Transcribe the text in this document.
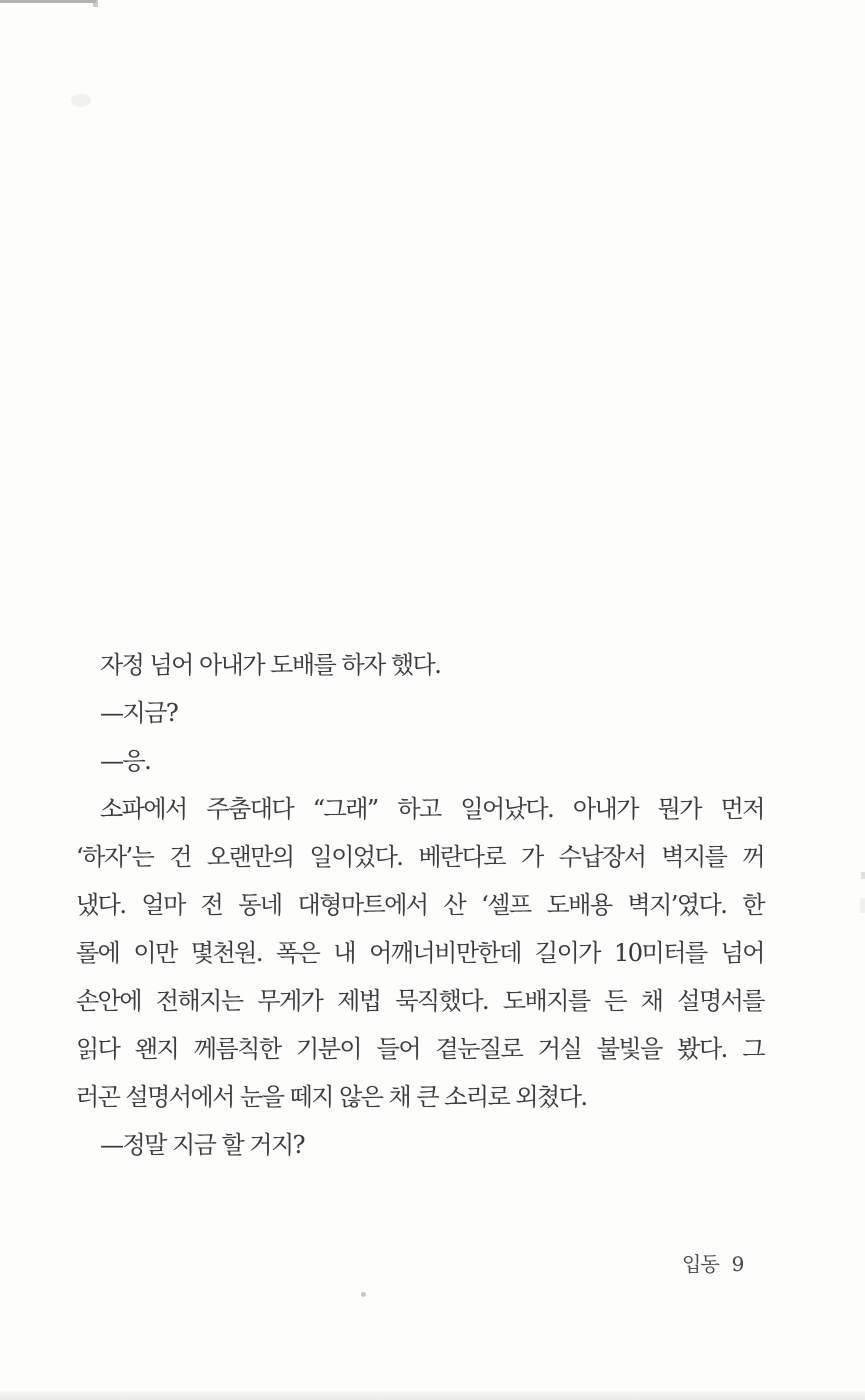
자정 넘어 아내가 도배를 하자 했다.
—지금?
—응.
소파에서 주춤대다 “그래” 하고 일어났다. 아내가 뭔가 먼저
‘하자’는 건 오랜만의 일이었다. 베란다로 가 수납장서 벽지를 꺼
냈다. 얼마 전 동네 대형마트에서 산 ‘셀프 도배용 벽지’였다. 한
롤에 이만 몇천원. 폭은 내 어깨너비만한데 길이가 10미터를 넘어
손안에 전해지는 무게가 제법 묵직했다. 도배지를 든 채 설명서를
읽다 왠지 께름칙한 기분이 들어 곁눈질로 거실 불빛을 봤다. 그
러곤 설명서에서 눈을 떼지 않은 채 큰 소리로 외쳤다.
—정말 지금 할 거지?
입동 9
